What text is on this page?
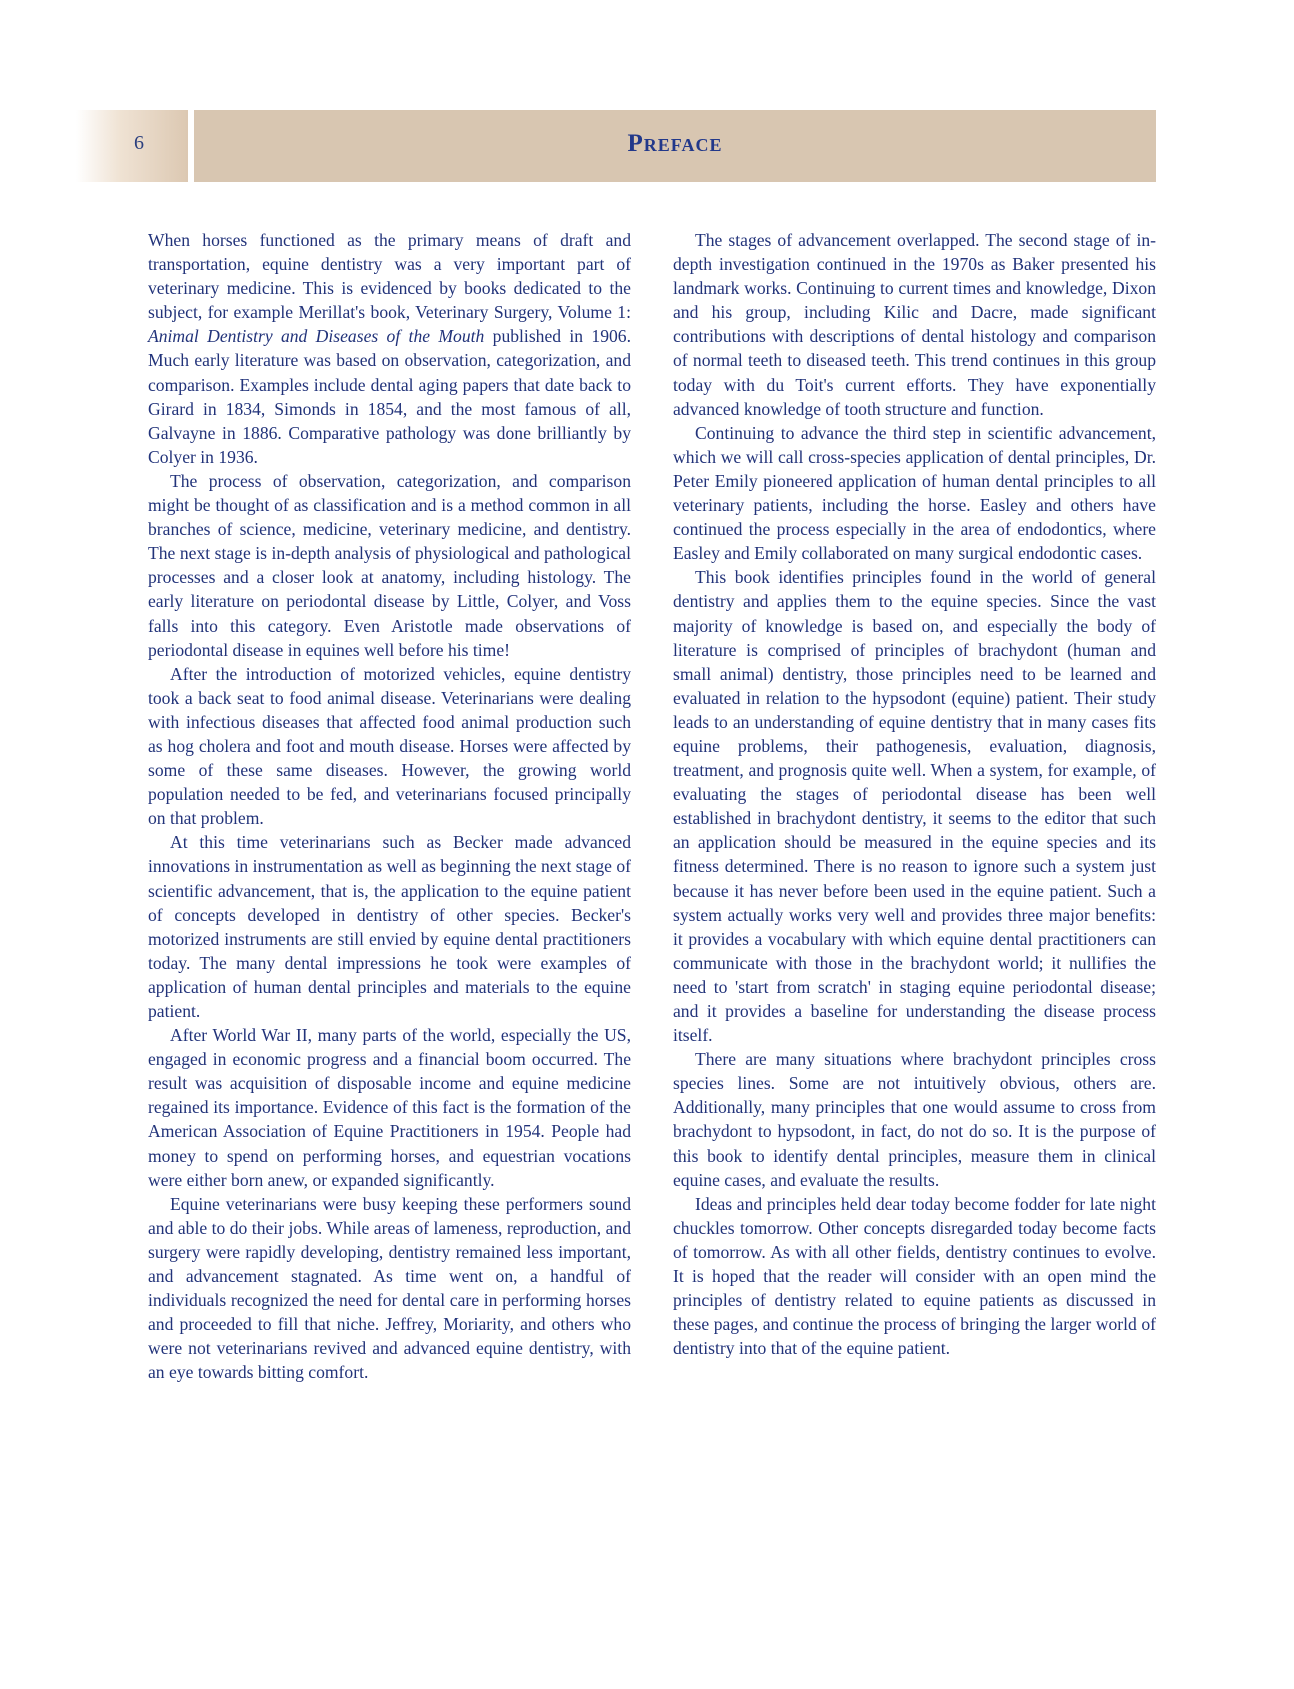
6	Preface

When horses functioned as the primary means of draft and transportation, equine dentistry was a very important part of veterinary medicine. This is evidenced by books dedicated to the subject, for example Merillat's book, Veterinary Surgery, Volume 1: Animal Dentistry and Diseases of the Mouth published in 1906. Much early literature was based on observation, categorization, and comparison. Examples include dental aging papers that date back to Girard in 1834, Simonds in 1854, and the most famous of all, Galvayne in 1886. Comparative pathology was done brilliantly by Colyer in 1936.

The process of observation, categorization, and comparison might be thought of as classification and is a method common in all branches of science, medicine, veterinary medicine, and dentistry. The next stage is in-depth analysis of physiological and pathological processes and a closer look at anatomy, including histology. The early literature on periodontal disease by Little, Colyer, and Voss falls into this category. Even Aristotle made observations of periodontal disease in equines well before his time!

After the introduction of motorized vehicles, equine dentistry took a back seat to food animal disease. Veterinarians were dealing with infectious diseases that affected food animal production such as hog cholera and foot and mouth disease. Horses were affected by some of these same diseases. However, the growing world population needed to be fed, and veterinarians focused principally on that problem.

At this time veterinarians such as Becker made advanced innovations in instrumentation as well as beginning the next stage of scientific advancement, that is, the application to the equine patient of concepts developed in dentistry of other species. Becker's motorized instruments are still envied by equine dental practitioners today. The many dental impressions he took were examples of application of human dental principles and materials to the equine patient.

After World War II, many parts of the world, especially the US, engaged in economic progress and a financial boom occurred. The result was acquisition of disposable income and equine medicine regained its importance. Evidence of this fact is the formation of the American Association of Equine Practitioners in 1954. People had money to spend on performing horses, and equestrian vocations were either born anew, or expanded significantly.

Equine veterinarians were busy keeping these performers sound and able to do their jobs. While areas of lameness, reproduction, and surgery were rapidly developing, dentistry remained less important, and advancement stagnated. As time went on, a handful of individuals recognized the need for dental care in performing horses and proceeded to fill that niche. Jeffrey, Moriarity, and others who were not veterinarians revived and advanced equine dentistry, with an eye towards bitting comfort.

The stages of advancement overlapped. The second stage of in-depth investigation continued in the 1970s as Baker presented his landmark works. Continuing to current times and knowledge, Dixon and his group, including Kilic and Dacre, made significant contributions with descriptions of dental histology and comparison of normal teeth to diseased teeth. This trend continues in this group today with du Toit's current efforts. They have exponentially advanced knowledge of tooth structure and function.

Continuing to advance the third step in scientific advancement, which we will call cross-species application of dental principles, Dr. Peter Emily pioneered application of human dental principles to all veterinary patients, including the horse. Easley and others have continued the process especially in the area of endodontics, where Easley and Emily collaborated on many surgical endodontic cases.

This book identifies principles found in the world of general dentistry and applies them to the equine species. Since the vast majority of knowledge is based on, and especially the body of literature is comprised of principles of brachydont (human and small animal) dentistry, those principles need to be learned and evaluated in relation to the hypsodont (equine) patient. Their study leads to an understanding of equine dentistry that in many cases fits equine problems, their pathogenesis, evaluation, diagnosis, treatment, and prognosis quite well. When a system, for example, of evaluating the stages of periodontal disease has been well established in brachydont dentistry, it seems to the editor that such an application should be measured in the equine species and its fitness determined. There is no reason to ignore such a system just because it has never before been used in the equine patient. Such a system actually works very well and provides three major benefits: it provides a vocabulary with which equine dental practitioners can communicate with those in the brachydont world; it nullifies the need to 'start from scratch' in staging equine periodontal disease; and it provides a baseline for understanding the disease process itself.

There are many situations where brachydont principles cross species lines. Some are not intuitively obvious, others are. Additionally, many principles that one would assume to cross from brachydont to hypsodont, in fact, do not do so. It is the purpose of this book to identify dental principles, measure them in clinical equine cases, and evaluate the results.

Ideas and principles held dear today become fodder for late night chuckles tomorrow. Other concepts disregarded today become facts of tomorrow. As with all other fields, dentistry continues to evolve. It is hoped that the reader will consider with an open mind the principles of dentistry related to equine patients as discussed in these pages, and continue the process of bringing the larger world of dentistry into that of the equine patient.
